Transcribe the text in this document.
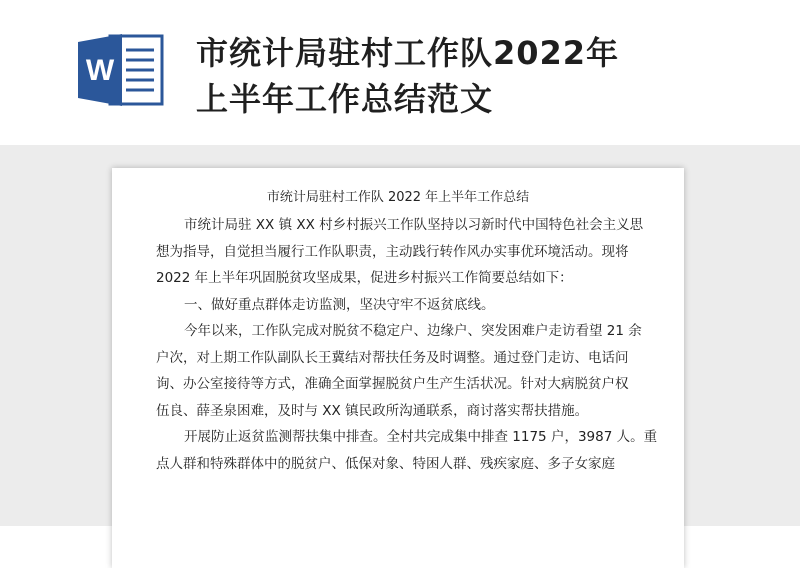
W	市统计局驻村工作队2022年
上半年工作总结范文
市统计局驻村工作队 2022 年上半年工作总结
市统计局驻 XX 镇 XX 村乡村振兴工作队坚持以习新时代中国特色社会主义思
想为指导，自觉担当履行工作队职责，主动践行转作风办实事优环境活动。现将
2022 年上半年巩固脱贫攻坚成果，促进乡村振兴工作简要总结如下：
一、做好重点群体走访监测，坚决守牢不返贫底线。
今年以来，工作队完成对脱贫不稳定户、边缘户、突发困难户走访看望 21 余
户次，对上期工作队副队长王冀结对帮扶任务及时调整。通过登门走访、电话问
询、办公室接待等方式，准确全面掌握脱贫户生产生活状况。针对大病脱贫户权
伍良、薛圣泉困难，及时与 XX 镇民政所沟通联系，商讨落实帮扶措施。
开展防止返贫监测帮扶集中排查。全村共完成集中排查 1175 户，3987 人。重
点人群和特殊群体中的脱贫户、低保对象、特困人群、残疾家庭、多子女家庭
